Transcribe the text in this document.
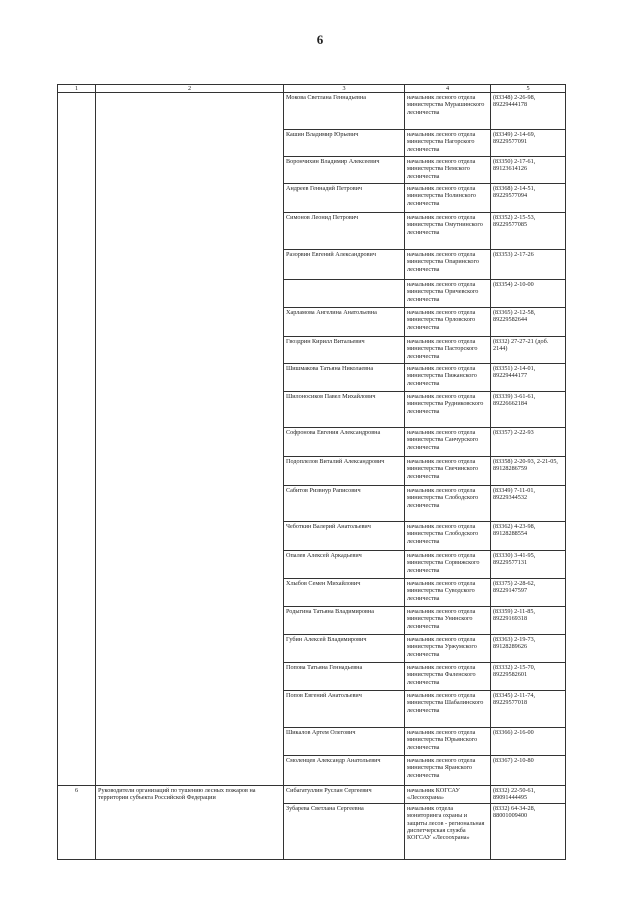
6
1	2	3	4	5
		Мокова Светлана Геннадьевна	начальник лесного отдела министерства Мурашинского лесничества	(83348) 2-26-98, 89229444178
		Кашин Владимир Юрьевич	начальник лесного отдела министерства Нагорского лесничества	(83349) 2-14-69, 89229577091
		Ворончихин Владимир Алексеевич	начальник лесного отдела министерства Немского лесничества	(83350) 2-17-61, 89123614126
		Андреев Геннадий Петрович	начальник лесного отдела министерства Нолинского лесничества	(83368) 2-14-51, 89229577094
		Симонов Леонид Петрович	начальник лесного отдела министерства Омутнинского лесничества	(83352) 2-15-53, 89229577085
		Разорвин Евгений Александрович	начальник лесного отдела министерства Опаринского лесничества	(83353) 2-17-26
			начальник лесного отдела министерства Оричевского лесничества	(83354) 2-10-00
		Харламова Ангелина Анатольевна	начальник лесного отдела министерства Орловского лесничества	(83365) 2-12-58, 89229582644
		Гвоздрин Кирилл Витальевич	начальник лесного отдела министерства Пасторского лесничества	(8332) 27-27-21 (доб. 2144)
		Шишмакова Татьяна Николаевна	начальник лесного отдела министерства Пижанского лесничества	(83351) 2-14-01, 89229444177
		Шилоносиков Павел Михайлович	начальник лесного отдела министерства Рудниковского лесничества	(83339) 3-61-61, 89226662184
		Софронова Евгения Александровна	начальник лесного отдела министерства Санчурского лесничества	(83357) 2-22-93
		Подоплелов Виталий Александрович	начальник лесного отдела министерства Свечинского лесничества	(83358) 2-20-93, 2-21-05, 89128286759
		Сабитов Ризвнур Раписович	начальник лесного отдела министерства Слободского лесничества	(83349) 7-11-01, 89229344532
		Чеботкин Валерий Анатольевич	начальник лесного отдела министерства Слободского лесничества	(83362) 4-23-98, 89128288554
		Опалев Алексей Аркадьевич	начальник лесного отдела министерства Сорвижского лесничества	(83330) 3-41-95, 89229577131
		Хлыбов Семен Михайлович	начальник лесного отдела министерства Суводского лесничества	(83375) 2-28-62, 89229147597
		Родыгина Татьяна Владимировна	начальник лесного отдела министерства Унинского лесничества	(83359) 2-11-85, 89229169318
		Губин Алексей Владимирович	начальник лесного отдела министерства Уржумского лесничества	(83363) 2-19-73, 89128289626
		Попова Татьяна Геннадьевна	начальник лесного отдела министерства Фаленского лесничества	(83332) 2-15-70, 89229582601
		Попов Евгений Анатольевич	начальник лесного отдела министерства Шабалинского лесничества	(83345) 2-11-74, 89229577018
		Шикалов Артем Олегович	начальник лесного отдела министерства Юрьянского лесничества	(83366) 2-16-00
		Смоленцев Александр Анатольевич	начальник лесного отдела министерства Яранского лесничества	(83367) 2-10-80
6	Руководители организаций по тушению лесных пожаров на территории субъекта Российской Федерации	Сибагатуллин Руслан Сергеевич	начальник КОГСАУ «Лесоохрана»	(8332) 22-50-61, 89091444495
		Зубарева Светлана Сергеевна	начальник отдела мониторинга охраны и защиты лесов - региональная диспетчерская служба КОГСАУ «Лесоохрана»	(8332) 64-34-28, 88001009400
